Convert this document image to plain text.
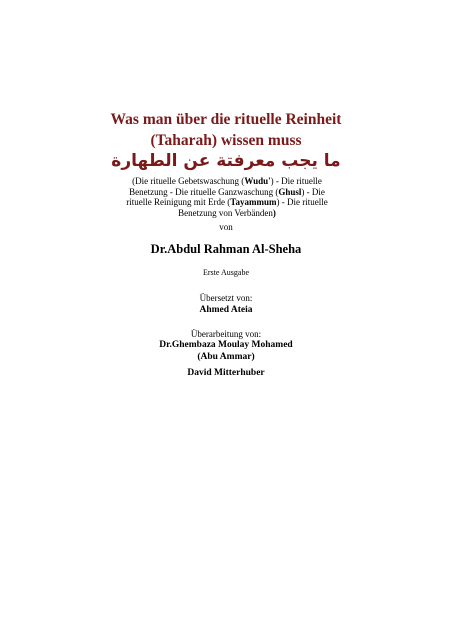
Was man über die rituelle Reinheit
(Taharah) wissen muss
ما يجب معرفتة عن الطهارة
(Die rituelle Gebetswaschung (Wudu') - Die rituelle Benetzung - Die rituelle Ganzwaschung (Ghusl) - Die rituelle Reinigung mit Erde (Tayammum) - Die rituelle Benetzung von Verbänden)
von
Dr.Abdul Rahman Al-Sheha
Erste Ausgabe
Übersetzt von:
Ahmed Ateia
Überarbeitung von:
Dr.Ghembaza Moulay Mohamed
(Abu Ammar)
David Mitterhuber
